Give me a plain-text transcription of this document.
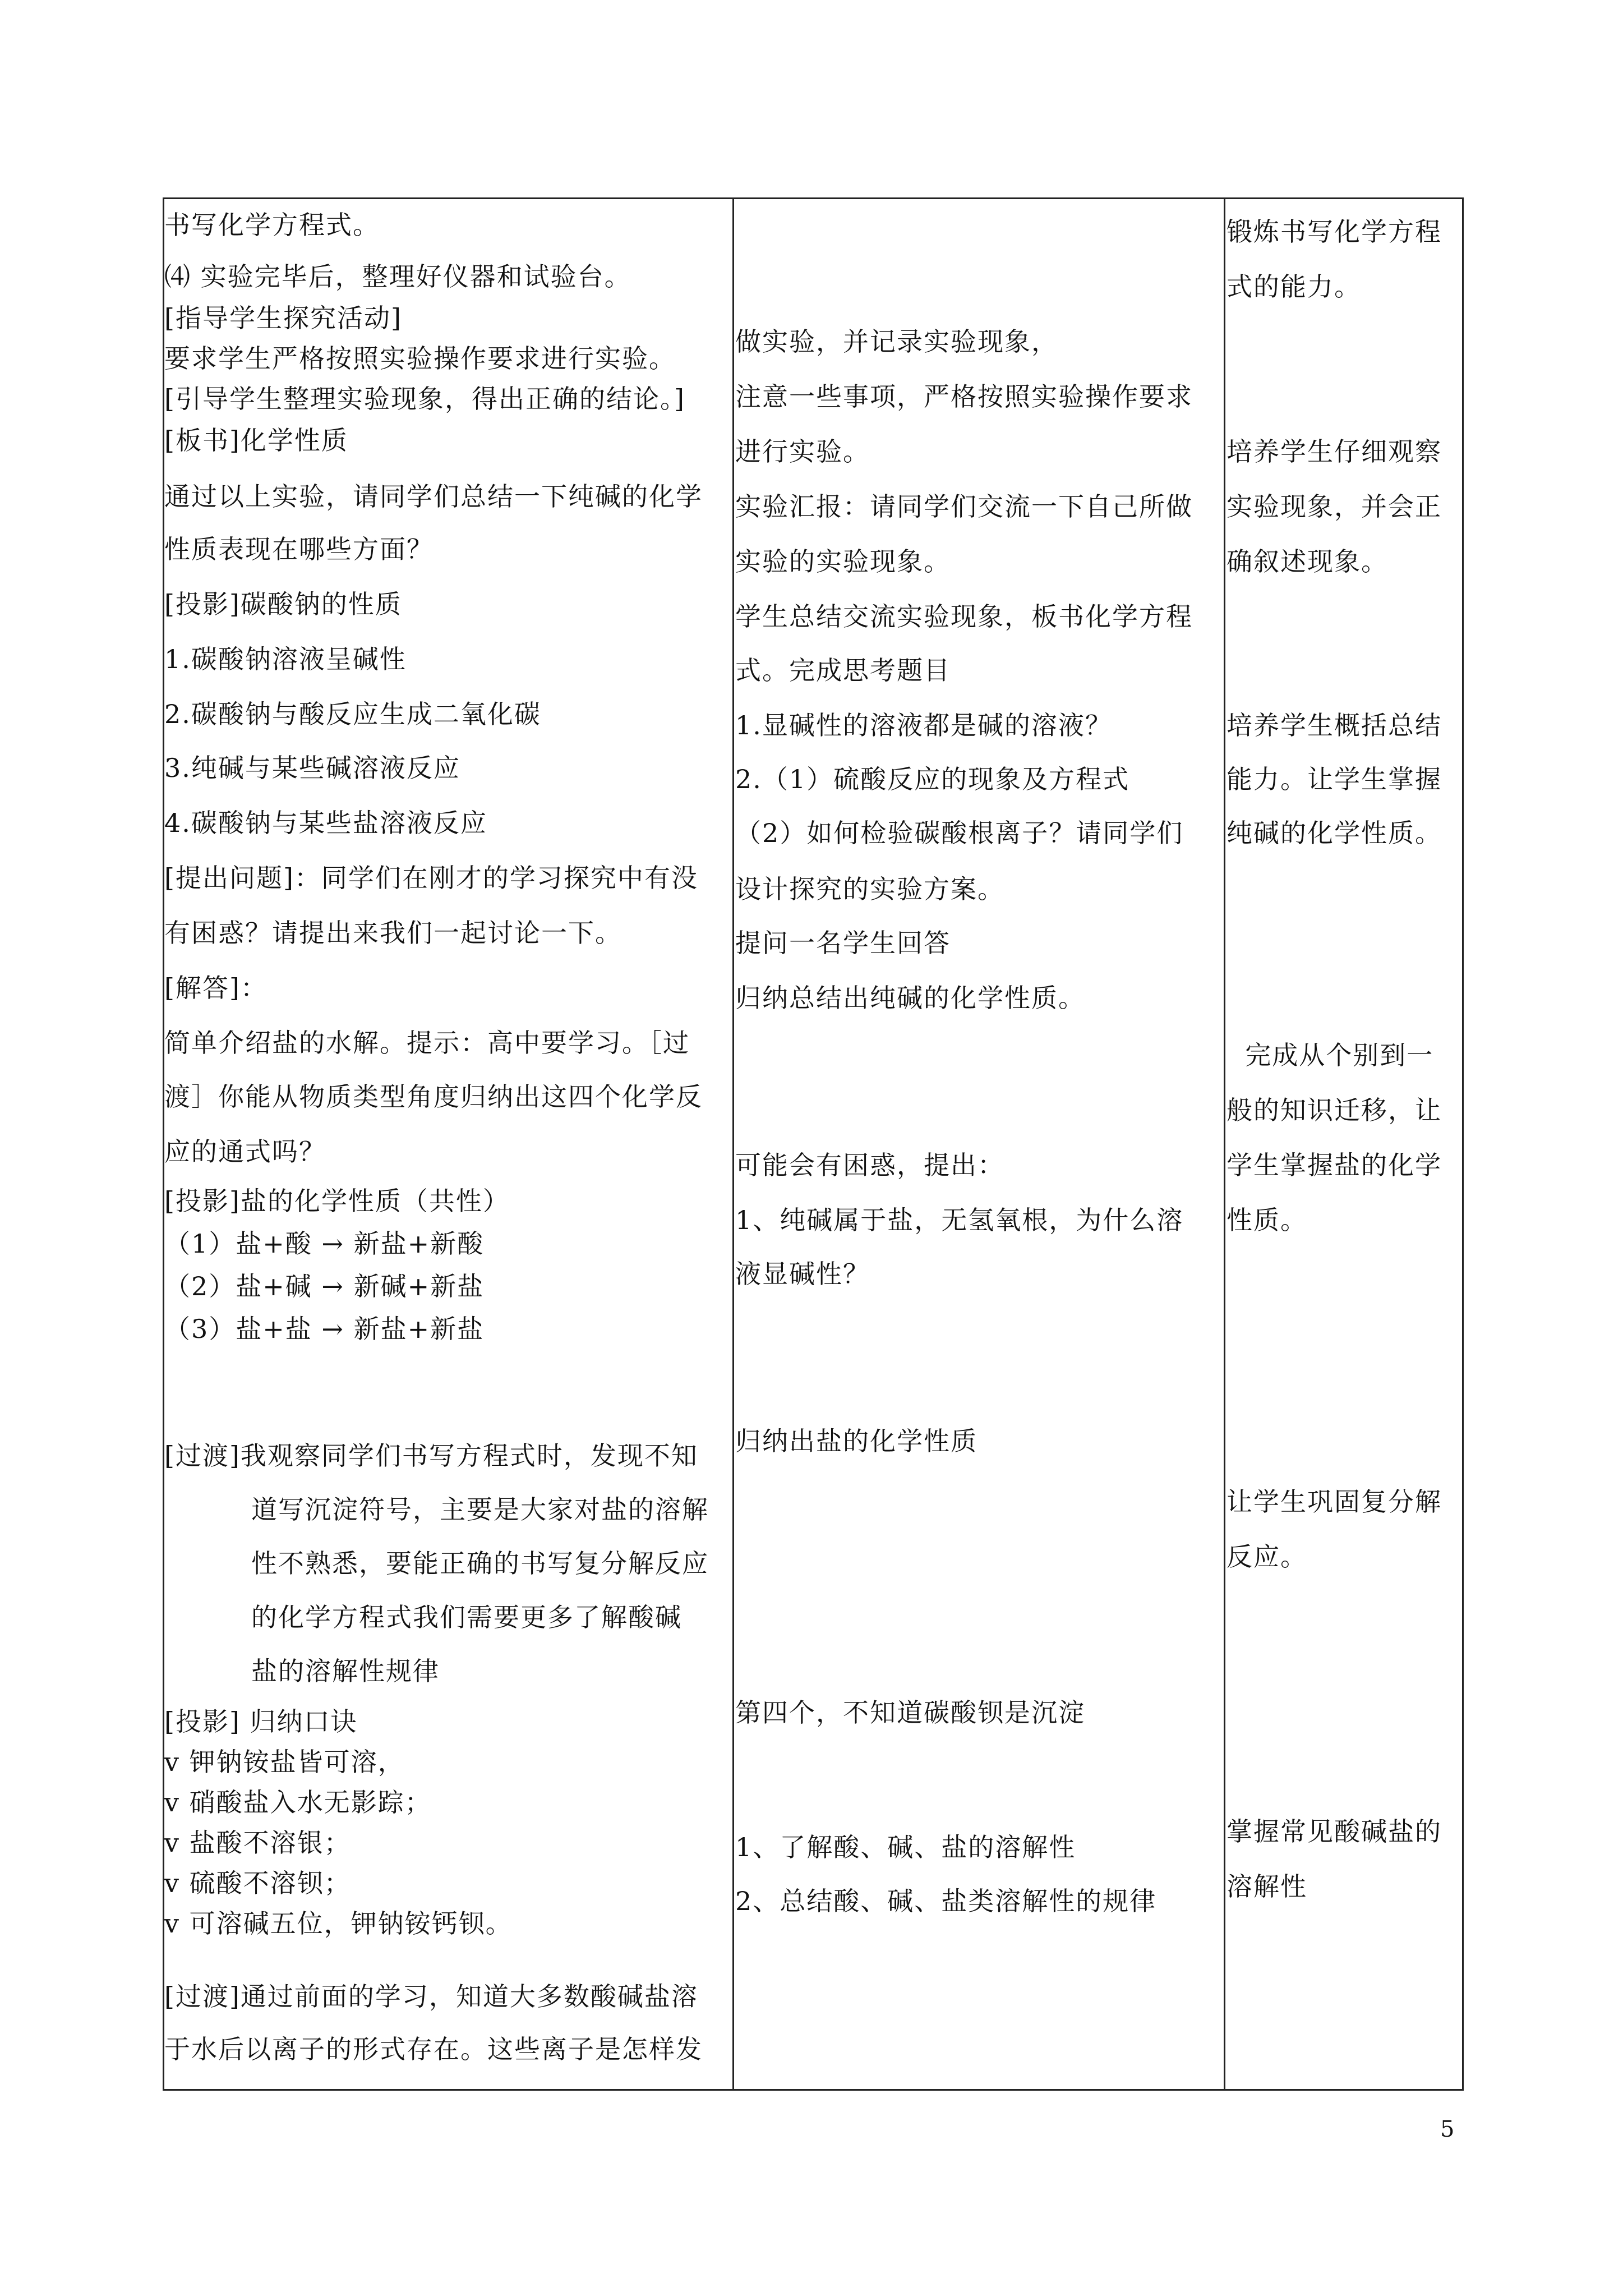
书写化学方程式。
⑷ 实验完毕后，整理好仪器和试验台。
[指导学生探究活动]
要求学生严格按照实验操作要求进行实验。
[引导学生整理实验现象，得出正确的结论。]
[板书]化学性质
通过以上实验，请同学们总结一下纯碱的化学
性质表现在哪些方面？
[投影]碳酸钠的性质
1.碳酸钠溶液呈碱性
2.碳酸钠与酸反应生成二氧化碳
3.纯碱与某些碱溶液反应
4.碳酸钠与某些盐溶液反应
[提出问题]：同学们在刚才的学习探究中有没
有困惑？请提出来我们一起讨论一下。
[解答]：
简单介绍盐的水解。提示：高中要学习。［过
渡］你能从物质类型角度归纳出这四个化学反
应的通式吗？
[投影]盐的化学性质（共性）
（1）盐+酸 → 新盐+新酸
（2）盐+碱 → 新碱+新盐
（3）盐+盐 → 新盐+新盐
[过渡]我观察同学们书写方程式时，发现不知
道写沉淀符号，主要是大家对盐的溶解
性不熟悉，要能正确的书写复分解反应
的化学方程式我们需要更多了解酸碱
盐的溶解性规律
[投影] 归纳口诀
v 钾钠铵盐皆可溶，
v 硝酸盐入水无影踪；
v 盐酸不溶银；
v 硫酸不溶钡；
v 可溶碱五位，钾钠铵钙钡。
[过渡]通过前面的学习，知道大多数酸碱盐溶
于水后以离子的形式存在。这些离子是怎样发
做实验，并记录实验现象，
注意一些事项，严格按照实验操作要求
进行实验。
实验汇报：请同学们交流一下自己所做
实验的实验现象。
学生总结交流实验现象，板书化学方程
式。完成思考题目
1.显碱性的溶液都是碱的溶液？
2.（1）硫酸反应的现象及方程式
（2）如何检验碳酸根离子？请同学们
设计探究的实验方案。
提问一名学生回答
归纳总结出纯碱的化学性质。
可能会有困惑，提出：
1、纯碱属于盐，无氢氧根，为什么溶
液显碱性？
归纳出盐的化学性质
第四个，不知道碳酸钡是沉淀
1、了解酸、碱、盐的溶解性
2、总结酸、碱、盐类溶解性的规律
锻炼书写化学方程
式的能力。
培养学生仔细观察
实验现象，并会正
确叙述现象。
培养学生概括总结
能力。让学生掌握
纯碱的化学性质。
完成从个别到一
般的知识迁移，让
学生掌握盐的化学
性质。
让学生巩固复分解
反应。
掌握常见酸碱盐的
溶解性
5
